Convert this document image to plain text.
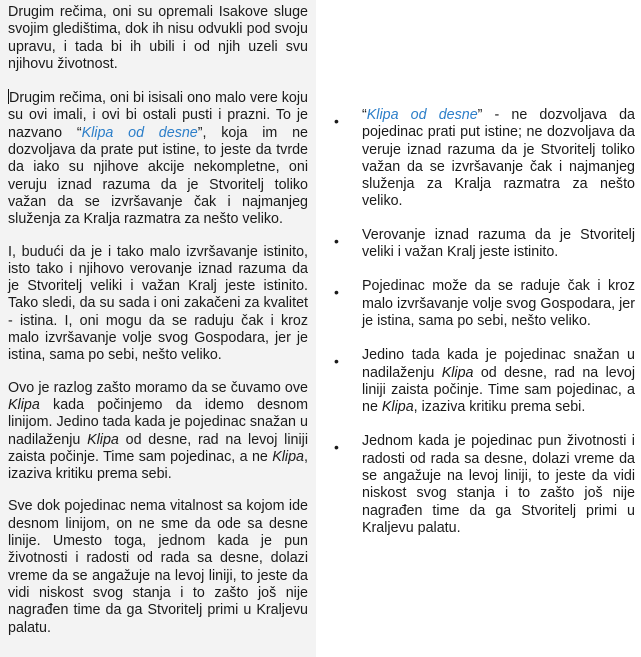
Drugim rečima, oni su opremali Isakove sluge svojim gledištima, dok ih nisu odvukli pod svoju upravu, i tada bi ih ubili i od njih uzeli svu njihovu životnost.

Drugim rečima, oni bi isisali ono malo vere koju su ovi imali, i ovi bi ostali pusti i prazni. To je nazvano “Klipa od desne”, koja im ne dozvoljava da prate put istine, to jeste da tvrde da iako su njihove akcije nekompletne, oni veruju iznad razuma da je Stvoritelj toliko važan da se izvršavanje čak i najmanjeg služenja za Kralja razmatra za nešto veliko.

I, budući da je i tako malo izvršavanje istinito, isto tako i njihovo verovanje iznad razuma da je Stvoritelj veliki i važan Kralj jeste istinito. Tako sledi, da su sada i oni zakačeni za kvalitet - istina. I, oni mogu da se raduju čak i kroz malo izvršavanje volje svog Gospodara, jer je istina, sama po sebi, nešto veliko.

Ovo je razlog zašto moramo da se čuvamo ove Klipa kada počinjemo da idemo desnom linijom. Jedino tada kada je pojedinac snažan u nadilaženju Klipa od desne, rad na levoj liniji zaista počinje. Time sam pojedinac, a ne Klipa, izaziva kritiku prema sebi.

Sve dok pojedinac nema vitalnost sa kojom ide desnom linijom, on ne sme da ode sa desne linije. Umesto toga, jednom kada je pun životnosti i radosti od rada sa desne, dolazi vreme da se angažuje na levoj liniji, to jeste da vidi niskost svog stanja i to zašto još nije nagrađen time da ga Stvoritelj primi u Kraljevu palatu.

• “Klipa od desne” - ne dozvoljava da pojedinac prati put istine; ne dozvoljava da veruje iznad razuma da je Stvoritelj toliko važan da se izvršavanje čak i najmanjeg služenja za Kralja razmatra za nešto veliko.
• Verovanje iznad razuma da je Stvoritelj veliki i važan Kralj jeste istinito.
• Pojedinac može da se raduje čak i kroz malo izvršavanje volje svog Gospodara, jer je istina, sama po sebi, nešto veliko.
• Jedino tada kada je pojedinac snažan u nadilaženju Klipa od desne, rad na levoj liniji zaista počinje. Time sam pojedinac, a ne Klipa, izaziva kritiku prema sebi.
• Jednom kada je pojedinac pun životnosti i radosti od rada sa desne, dolazi vreme da se angažuje na levoj liniji, to jeste da vidi niskost svog stanja i to zašto još nije nagrađen time da ga Stvoritelj primi u Kraljevu palatu.
